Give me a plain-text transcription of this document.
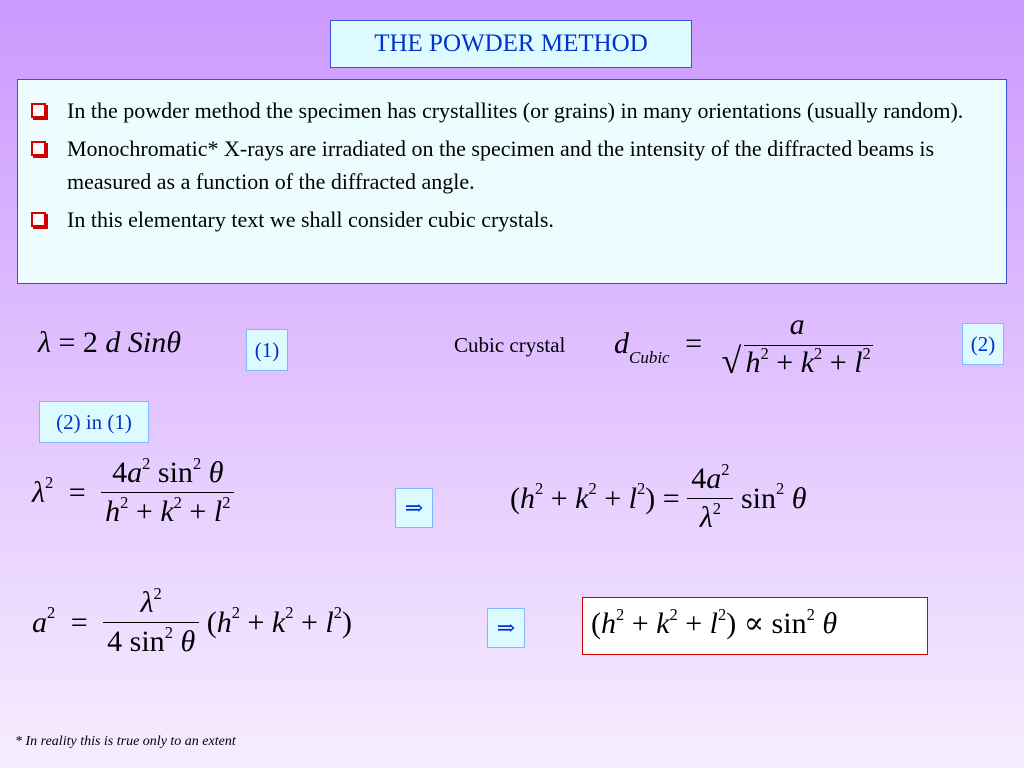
THE POWDER METHOD
In the powder method the specimen has crystallites (or grains) in many orientations (usually random).
Monochromatic* X-rays are irradiated on the specimen and the intensity of the diffracted beams is measured as a function of the diffracted angle.
In this elementary text we shall consider cubic crystals.
λ = 2 d Sinθ	(1)	Cubic crystal $d_{Cubic}$ =
a
√ $h^2 + k^2 + l^2$	(2)
(2) in (1)
$\lambda^2 = \frac{4a^2 \sin^2 \theta}{h^2 + k^2 + l^2}$	⇒	$(h^2 + k^2 + l^2) = \frac{4a^2}{\lambda^2} \sin^2 \theta$
$a^2 = \frac{\lambda^2}{4 \sin^2 \theta} (h^2 + k^2 + l^2)$	⇒	$(h^2 + k^2 + l^2) \propto \sin^2 \theta$
* In reality this is true only to an extent
